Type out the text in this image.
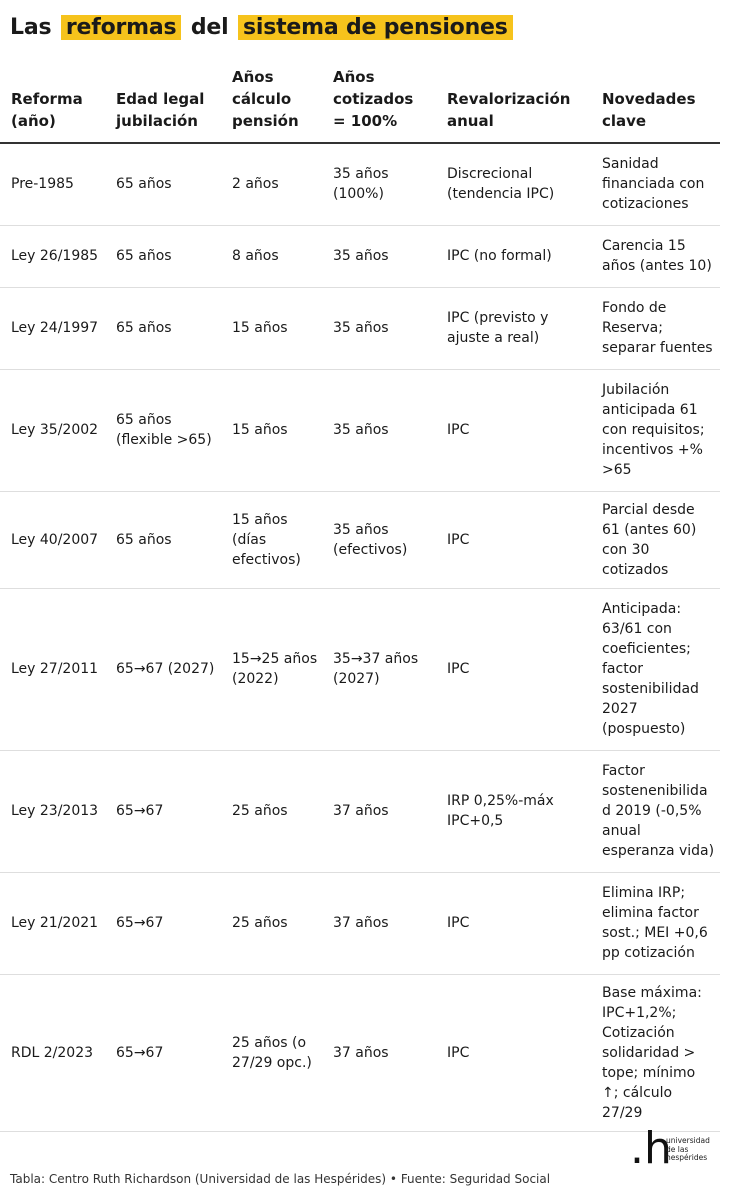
Las reformas del sistema de pensiones
Reforma (año)	Edad legal jubilación	Años cálculo pensión	Años cotizados = 100%	Revalorización anual	Novedades clave
Pre-1985	65 años	2 años	35 años (100%)	Discrecional (tendencia IPC)	Sanidad financiada con cotizaciones
Ley 26/1985	65 años	8 años	35 años	IPC (no formal)	Carencia 15 años (antes 10)
Ley 24/1997	65 años	15 años	35 años	IPC (previsto y ajuste a real)	Fondo de Reserva; separar fuentes
Ley 35/2002	65 años (flexible >65)	15 años	35 años	IPC	Jubilación anticipada 61 con requisitos; incentivos +% >65
Ley 40/2007	65 años	15 años (días efectivos)	35 años (efectivos)	IPC	Parcial desde 61 (antes 60) con 30 cotizados
Ley 27/2011	65→67 (2027)	15→25 años (2022)	35→37 años (2027)	IPC	Anticipada: 63/61 con coeficientes; factor sostenibilidad 2027 (pospuesto)
Ley 23/2013	65→67	25 años	37 años	IRP 0,25%-máx IPC+0,5	Factor sostenenibilidad 2019 (-0,5% anual esperanza vida)
Ley 21/2021	65→67	25 años	37 años	IPC	Elimina IRP; elimina factor sost.; MEI +0,6 pp cotización
RDL 2/2023	65→67	25 años (o 27/29 opc.)	37 años	IPC	Base máxima: IPC+1,2%; Cotización solidaridad > tope; mínimo ↑; cálculo 27/29
.h
universidad
de las
hespérides
Tabla: Centro Ruth Richardson (Universidad de las Hespérides) • Fuente: Seguridad Social
